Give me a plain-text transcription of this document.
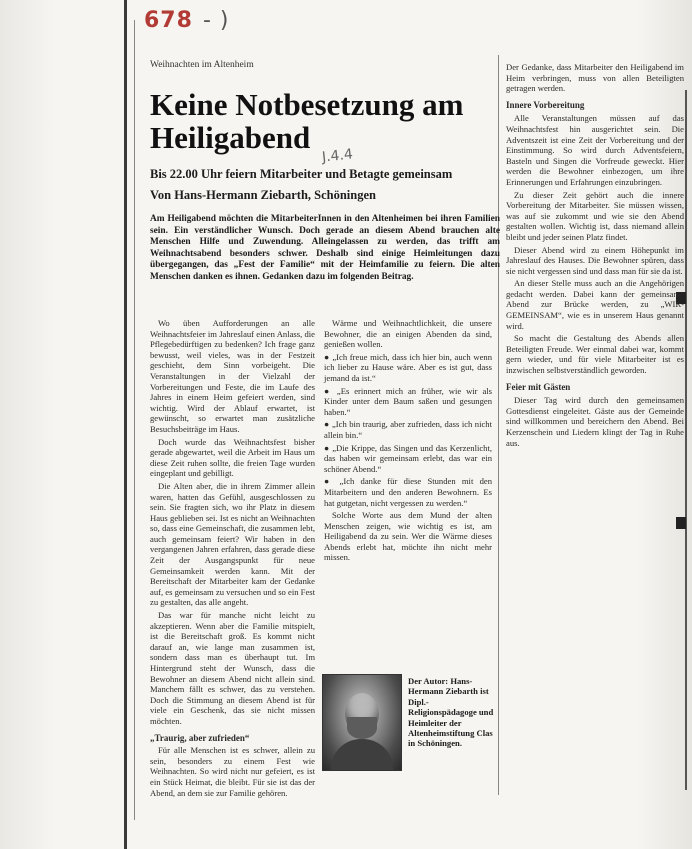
678 - )
Weihnachten im Altenheim
Keine Notbesetzung am Heiligabend
J.4.4
Bis 22.00 Uhr feiern Mitarbeiter und Betagte gemeinsam
Von Hans-Hermann Ziebarth, Schöningen

Am Heiligabend möchten die MitarbeiterInnen in den Altenheimen bei ihren Familien sein. Ein verständlicher Wunsch. Doch gerade an diesem Abend brauchen alte Menschen Hilfe und Zuwendung. Alleingelassen zu werden, das trifft am Weihnachtsabend besonders schwer. Deshalb sind einige Heimleitungen dazu übergegangen, das „Fest der Familie“ mit der Heimfamilie zu feiern. Die alten Menschen danken es ihnen. Gedanken dazu im folgenden Beitrag.

Wo üben Aufforderungen an alle Weihnachtsfeier im Jahreslauf einen Anlass, die Pflegebedürftigen zu bedenken? Ich frage ganz bewusst, weil vieles, was in der Festzeit geschieht, dem Sinn vorbeigeht. Die Veranstaltungen in der Vielzahl der Vorbereitungen und Feste, die im Laufe des Jahres in einem Heim gefeiert werden, sind wichtig. Wird der Ablauf erwartet, ist gewünscht, so erwartet man zusätzliche Besuchsbeiträge im Haus.

Doch wurde das Weihnachtsfest bisher gerade abgewartet, weil die Arbeit im Haus um diese Zeit ruhen sollte, die freien Tage wurden eingeplant und gebilligt.

Die Alten aber, die in ihrem Zimmer allein waren, hatten das Gefühl, ausgeschlossen zu sein. Sie fragten sich, wo ihr Platz in diesem Haus geblieben sei. Ist es nicht an Weihnachten so, dass eine Gemeinschaft, die zusammen lebt, auch gemeinsam feiert? Wir haben in den vergangenen Jahren erfahren, dass gerade diese Zeit der Ausgangspunkt für neue Gemeinsamkeit werden kann. Mit der Bereitschaft der Mitarbeiter kam der Gedanke auf, es gemeinsam zu versuchen und so ein Fest zu gestalten, das alle angeht.

Das war für manche nicht leicht zu akzeptieren. Wenn aber die Familie mitspielt, ist die Bereitschaft groß. Es kommt nicht darauf an, wie lange man zusammen ist, sondern dass man es überhaupt tut. Im Hintergrund steht der Wunsch, dass die Bewohner an diesem Abend nicht allein sind. Manchem fällt es schwer, das zu verstehen. Doch die Stimmung an diesem Abend ist für viele ein Geschenk, das sie nicht missen möchten.

„Traurig, aber zufrieden“

Für alle Menschen ist es schwer, allein zu sein, besonders zu einem Fest wie Weihnachten. So wird nicht nur gefeiert, es ist ein Stück Heimat, die bleibt. Für sie ist das der Abend, an dem sie zur Familie gehören.

Wärme und Weihnachtlichkeit, die unsere Bewohner, die an einigen Abenden da sind, genießen wollen.

● „Ich freue mich, dass ich hier bin, auch wenn ich lieber zu Hause wäre. Aber es ist gut, dass jemand da ist.“

● „Es erinnert mich an früher, wie wir als Kinder unter dem Baum saßen und gesungen haben.“

● „Ich bin traurig, aber zufrieden, dass ich nicht allein bin.“

● „Die Krippe, das Singen und das Kerzenlicht, das haben wir gemeinsam erlebt, das war ein schöner Abend.“

● „Ich danke für diese Stunden mit den Mitarbeitern und den anderen Bewohnern. Es hat gutgetan, nicht vergessen zu werden.“

Solche Worte aus dem Mund der alten Menschen zeigen, wie wichtig es ist, am Heiligabend da zu sein. Wer die Wärme dieses Abends erlebt hat, möchte ihn nicht mehr missen.

Der Autor: Hans-Hermann Ziebarth ist Dipl.-Religionspädagoge und Heimleiter der Altenheimstiftung Clas in Schöningen.

Der Gedanke, dass Mitarbeiter den Heiligabend im Heim verbringen, muss von allen Beteiligten getragen werden.

Innere Vorbereitung

Alle Veranstaltungen müssen auf das Weihnachtsfest hin ausgerichtet sein. Die Adventszeit ist eine Zeit der Vorbereitung und der Einstimmung. So wird durch Adventsfeiern, Basteln und Singen die Vorfreude geweckt. Hier werden die Bewohner einbezogen, um ihre Erinnerungen und Erfahrungen einzubringen.

Zu dieser Zeit gehört auch die innere Vorbereitung der Mitarbeiter. Sie müssen wissen, was auf sie zukommt und wie sie den Abend gestalten wollen. Wichtig ist, dass niemand allein bleibt und jeder seinen Platz findet.

Dieser Abend wird zu einem Höhepunkt im Jahreslauf des Hauses. Die Bewohner spüren, dass sie nicht vergessen sind und dass man für sie da ist.

An dieser Stelle muss auch an die Angehörigen gedacht werden. Dabei kann der gemeinsame Abend zur Brücke werden, zu „WIR-GEMEINSAM“, wie es in unserem Haus genannt wird.

So macht die Gestaltung des Abends allen Beteiligten Freude. Wer einmal dabei war, kommt gern wieder, und für viele Mitarbeiter ist es inzwischen selbstverständlich geworden.

Feier mit Gästen

Dieser Tag wird durch den gemeinsamen Gottesdienst eingeleitet. Gäste aus der Gemeinde sind willkommen und bereichern den Abend. Bei Kerzenschein und Liedern klingt der Tag in Ruhe aus.
